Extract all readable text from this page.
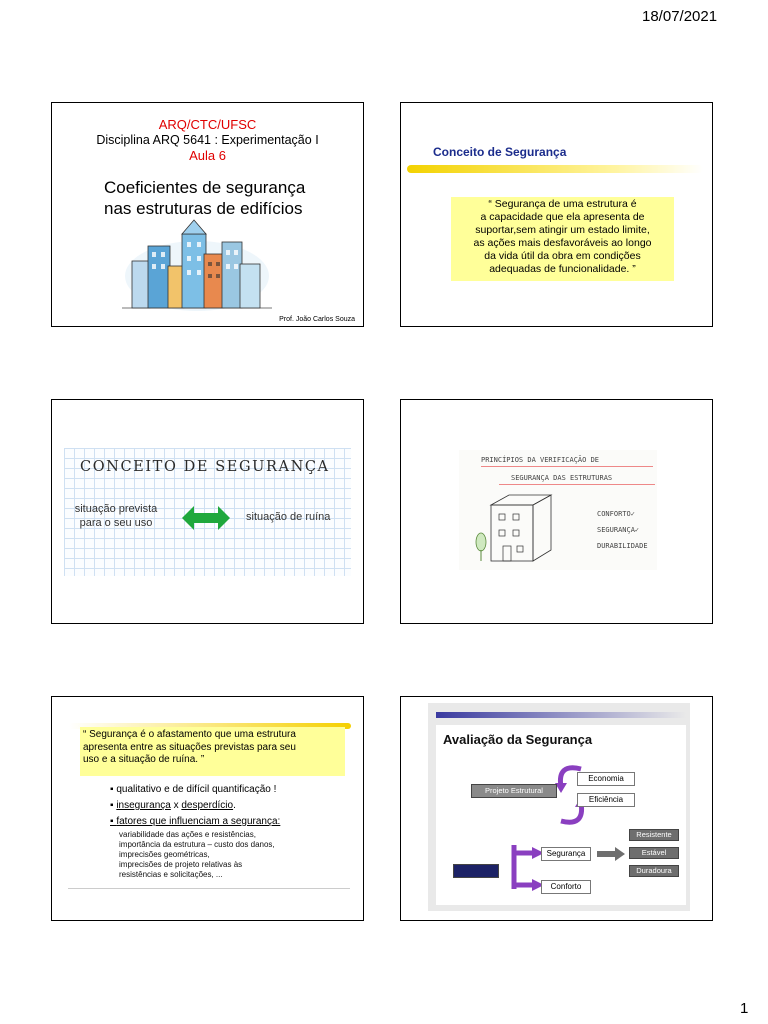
18/07/2021
ARQ/CTC/UFSC
Disciplina ARQ 5641 : Experimentação I
Aula 6
Coeficientes de segurança
nas estruturas de edifícios
Prof. João Carlos Souza
Conceito de Segurança
“ Segurança de uma estrutura é
a capacidade que ela apresenta de
suportar,sem atingir um estado limite,
as ações mais desfavoráveis ao longo
da vida útil da obra em condições
adequadas de funcionalidade. ”
CONCEITO DE SEGURANÇA
situação prevista
para o seu uso	situação de ruína
PRINCÍPIOS DA VERIFICAÇÃO DE
SEGURANÇA DAS ESTRUTURAS
CONFORTO✓
SEGURANÇA✓
DURABILIDADE
“ Segurança é o afastamento que uma estrutura
apresenta entre as situações previstas para seu
uso e a situação de ruína. ”
▪ qualitativo e de difícil quantificação !
▪ insegurança x desperdício.
▪ fatores que influenciam a segurança:
variabilidade das ações e resistências,
importância da estrutura – custo dos danos,
imprecisões geométricas,
imprecisões de projeto relativas às
resistências e solicitações, ...
Avaliação da Segurança
Projeto Estrutural
Economia
Eficiência
Resistência
Segurança
Conforto
Resistente
Estável
Duradoura
1
